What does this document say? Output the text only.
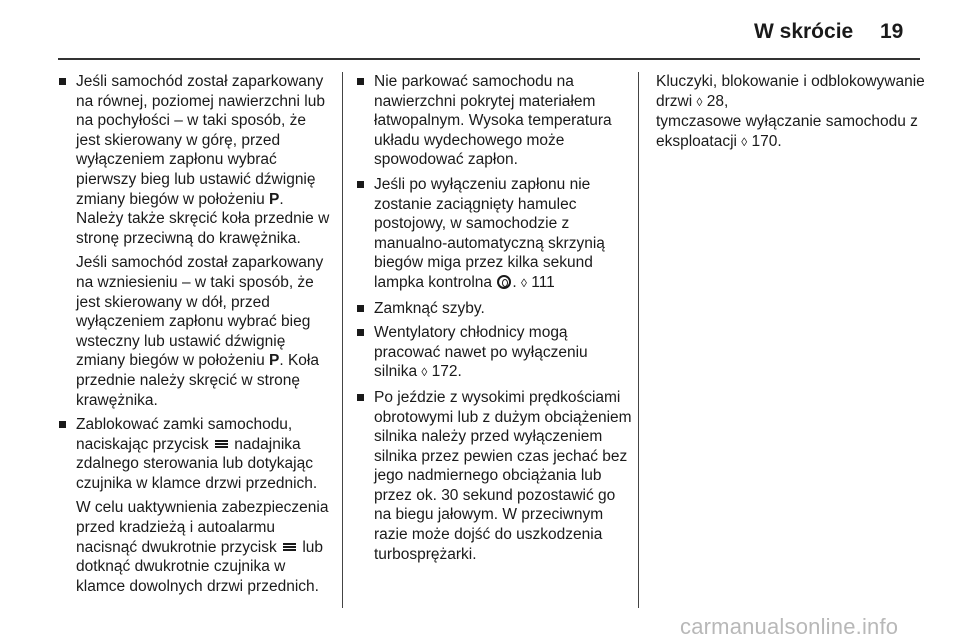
W skrócie 19

Jeśli samochód został zaparkowany na równej, poziomej nawierzchni lub na pochyłości – w taki sposób, że jest skierowany w górę, przed wyłączeniem zapłonu wybrać pierwszy bieg lub ustawić dźwignię zmiany biegów w położeniu P. Należy także skręcić koła przednie w stronę przeciwną do krawężnika.

Jeśli samochód został zaparkowany na wzniesieniu – w taki sposób, że jest skierowany w dół, przed wyłączeniem zapłonu wybrać bieg wsteczny lub ustawić dźwignię zmiany biegów w położeniu P. Koła przednie należy skręcić w stronę krawężnika.

Zablokować zamki samochodu, naciskając przycisk  nadajnika zdalnego sterowania lub dotykając czujnika w klamce drzwi przednich.

W celu uaktywnienia zabezpieczenia przed kradzieżą i autoalarmu nacisnąć dwukrotnie przycisk  lub dotknąć dwukrotnie czujnika w klamce dowolnych drzwi przednich.

Nie parkować samochodu na nawierzchni pokrytej materiałem łatwopalnym. Wysoka temperatura układu wydechowego może spowodować zapłon.

Jeśli po wyłączeniu zapłonu nie zostanie zaciągnięty hamulec postojowy, w samochodzie z manualno-automatyczną skrzynią biegów miga przez kilka sekund lampka kontrolna . ◊ 111

Zamknąć szyby.

Wentylatory chłodnicy mogą pracować nawet po wyłączeniu silnika ◊ 172.

Po jeździe z wysokimi prędkościami obrotowymi lub z dużym obciążeniem silnika należy przed wyłączeniem silnika przez pewien czas jechać bez jego nadmiernego obciążania lub przez ok. 30 sekund pozostawić go na biegu jałowym. W przeciwnym razie może dojść do uszkodzenia turbosprężarki.

Kluczyki, blokowanie i odblokowywanie drzwi ◊ 28,
tymczasowe wyłączanie samochodu z eksploatacji ◊ 170.

carmanualsonline.info
